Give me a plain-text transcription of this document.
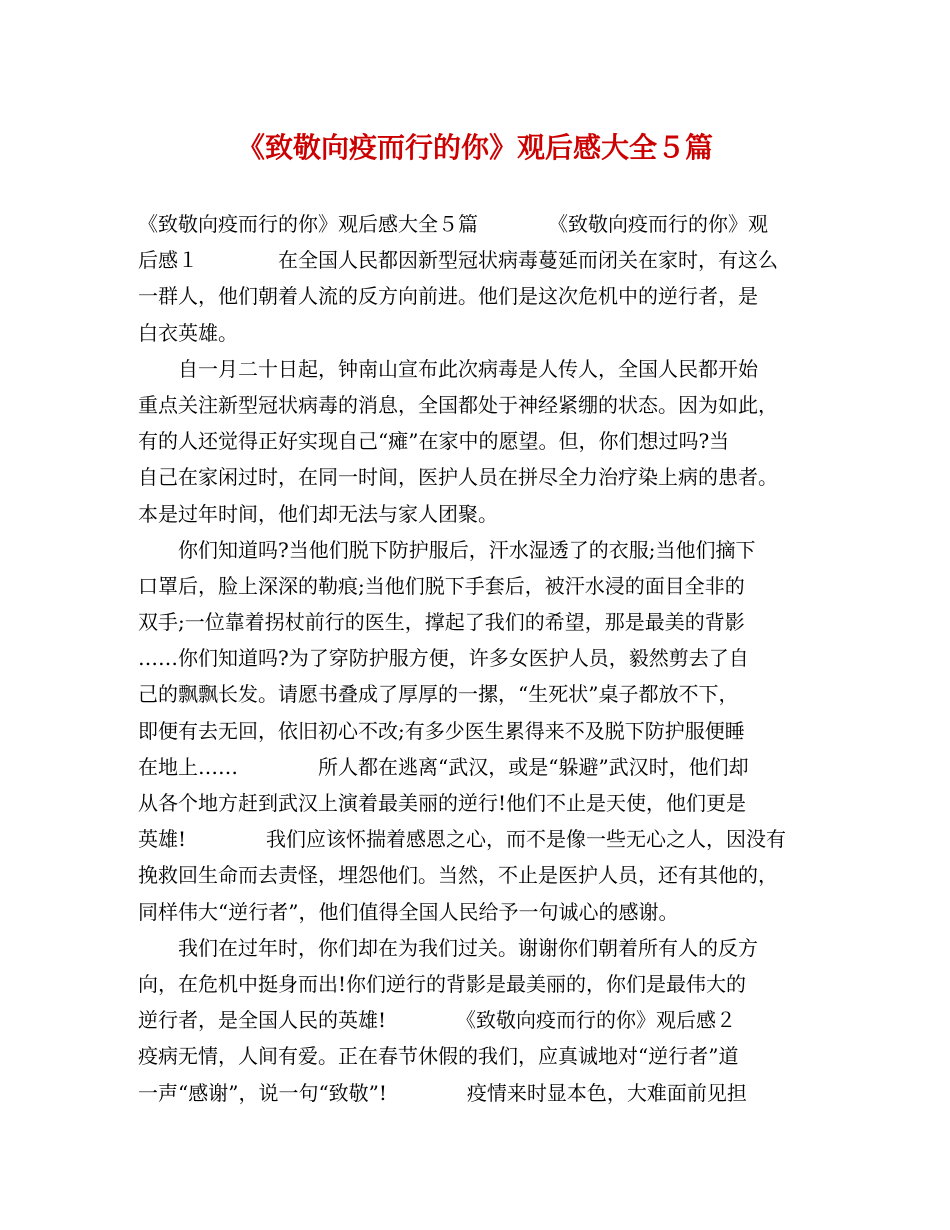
《致敬向疫而行的你》观后感大全５篇
《致敬向疫而行的你》观后感大全５篇　　　　《致敬向疫而行的你》观
后感１　　　　在全国人民都因新型冠状病毒蔓延而闭关在家时，有这么
一群人，他们朝着人流的反方向前进。他们是这次危机中的逆行者，是
白衣英雄。
　　自一月二十日起，钟南山宣布此次病毒是人传人，全国人民都开始
重点关注新型冠状病毒的消息，全国都处于神经紧绷的状态。因为如此，
有的人还觉得正好实现自己“瘫”在家中的愿望。但，你们想过吗?当
自己在家闲过时，在同一时间，医护人员在拼尽全力治疗染上病的患者。
本是过年时间，他们却无法与家人团聚。
　　你们知道吗?当他们脱下防护服后，汗水湿透了的衣服;当他们摘下
口罩后，脸上深深的勒痕;当他们脱下手套后，被汗水浸的面目全非的
双手;一位靠着拐杖前行的医生，撑起了我们的希望，那是最美的背影
……你们知道吗?为了穿防护服方便，许多女医护人员，毅然剪去了自
己的飘飘长发。请愿书叠成了厚厚的一摞，“生死状”桌子都放不下，
即便有去无回，依旧初心不改;有多少医生累得来不及脱下防护服便睡
在地上……　　　　所人都在逃离“武汉，或是“躲避”武汉时，他们却
从各个地方赶到武汉上演着最美丽的逆行!他们不止是天使，他们更是
英雄!　　　　我们应该怀揣着感恩之心，而不是像一些无心之人，因没有
挽救回生命而去责怪，埋怨他们。当然，不止是医护人员，还有其他的，
同样伟大“逆行者”，他们值得全国人民给予一句诚心的感谢。
　　我们在过年时，你们却在为我们过关。谢谢你们朝着所有人的反方
向，在危机中挺身而出!你们逆行的背影是最美丽的，你们是最伟大的
逆行者，是全国人民的英雄!　　　　《致敬向疫而行的你》观后感２
疫病无情，人间有爱。正在春节休假的我们，应真诚地对“逆行者”道
一声“感谢”，说一句“致敬”!　　　　疫情来时显本色，大难面前见担
